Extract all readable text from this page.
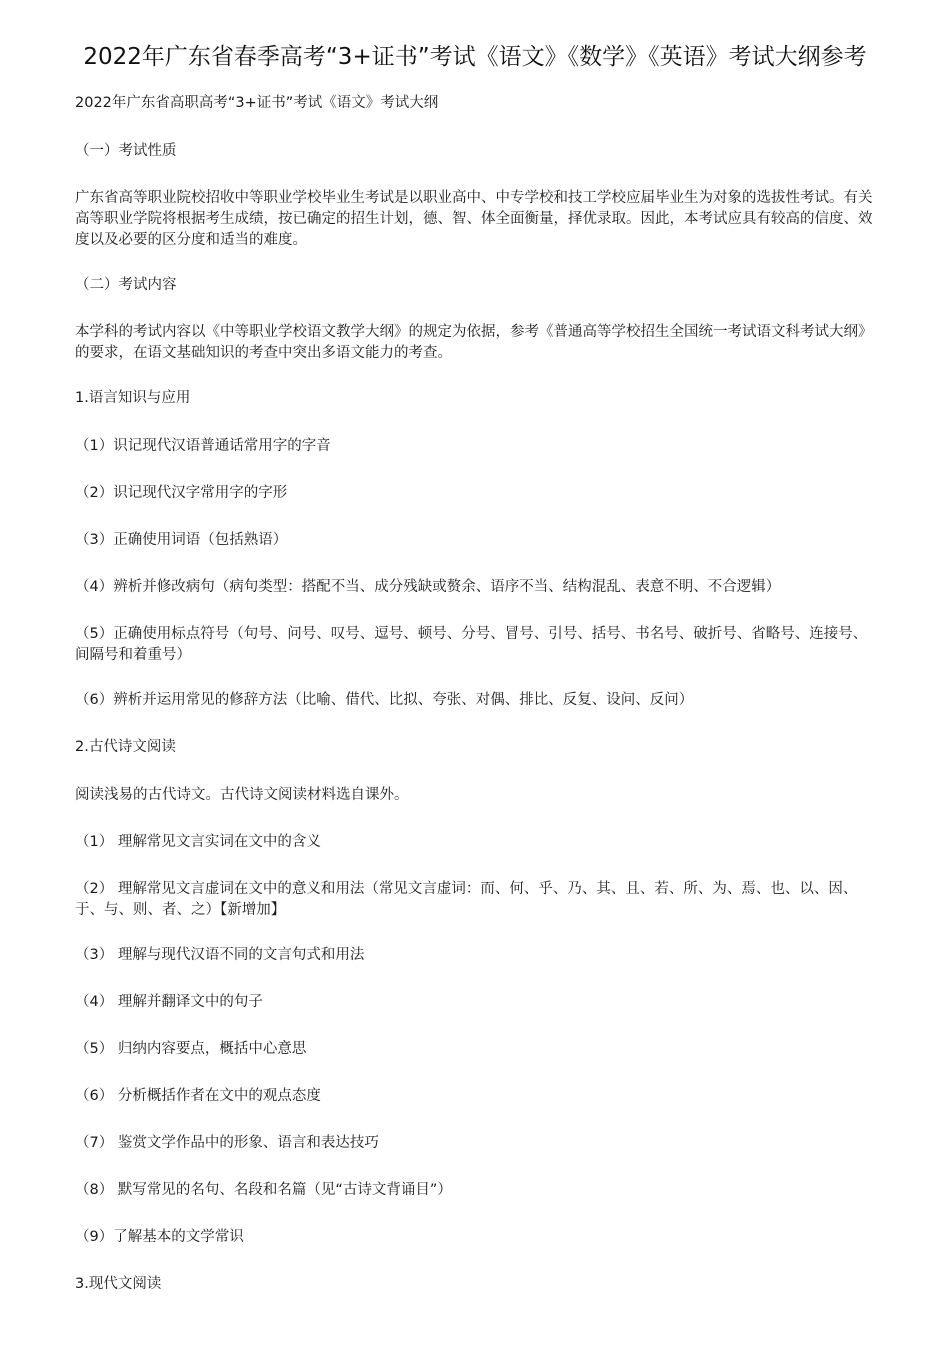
2022年广东省春季高考“3+证书”考试《语文》《数学》《英语》考试大纲参考

2022年广东省高职高考“3+证书”考试《语文》考试大纲

（一）考试性质

广东省高等职业院校招收中等职业学校毕业生考试是以职业高中、中专学校和技工学校应届毕业生为对象的选拔性考试。有关高等职业学院将根据考生成绩，按已确定的招生计划，德、智、体全面衡量，择优录取。因此，本考试应具有较高的信度、效度以及必要的区分度和适当的难度。

（二）考试内容

本学科的考试内容以《中等职业学校语文教学大纲》的规定为依据，参考《普通高等学校招生全国统一考试语文科考试大纲》的要求，在语文基础知识的考查中突出多语文能力的考查。

1.语言知识与应用

（1）识记现代汉语普通话常用字的字音

（2）识记现代汉字常用字的字形

（3）正确使用词语（包括熟语）

（4）辨析并修改病句（病句类型：搭配不当、成分残缺或赘余、语序不当、结构混乱、表意不明、不合逻辑）

（5）正确使用标点符号（句号、问号、叹号、逗号、顿号、分号、冒号、引号、括号、书名号、破折号、省略号、连接号、间隔号和着重号）

（6）辨析并运用常见的修辞方法（比喻、借代、比拟、夸张、对偶、排比、反复、设问、反问）

2.古代诗文阅读

阅读浅易的古代诗文。古代诗文阅读材料选自课外。

（1） 理解常见文言实词在文中的含义

（2） 理解常见文言虚词在文中的意义和用法（常见文言虚词：而、何、乎、乃、其、且、若、所、为、焉、也、以、因、于、与、则、者、之）【新增加】

（3） 理解与现代汉语不同的文言句式和用法

（4） 理解并翻译文中的句子

（5） 归纳内容要点，概括中心意思

（6） 分析概括作者在文中的观点态度

（7） 鉴赏文学作品中的形象、语言和表达技巧

（8） 默写常见的名句、名段和名篇（见“古诗文背诵目”）

（9）了解基本的文学常识

3.现代文阅读
